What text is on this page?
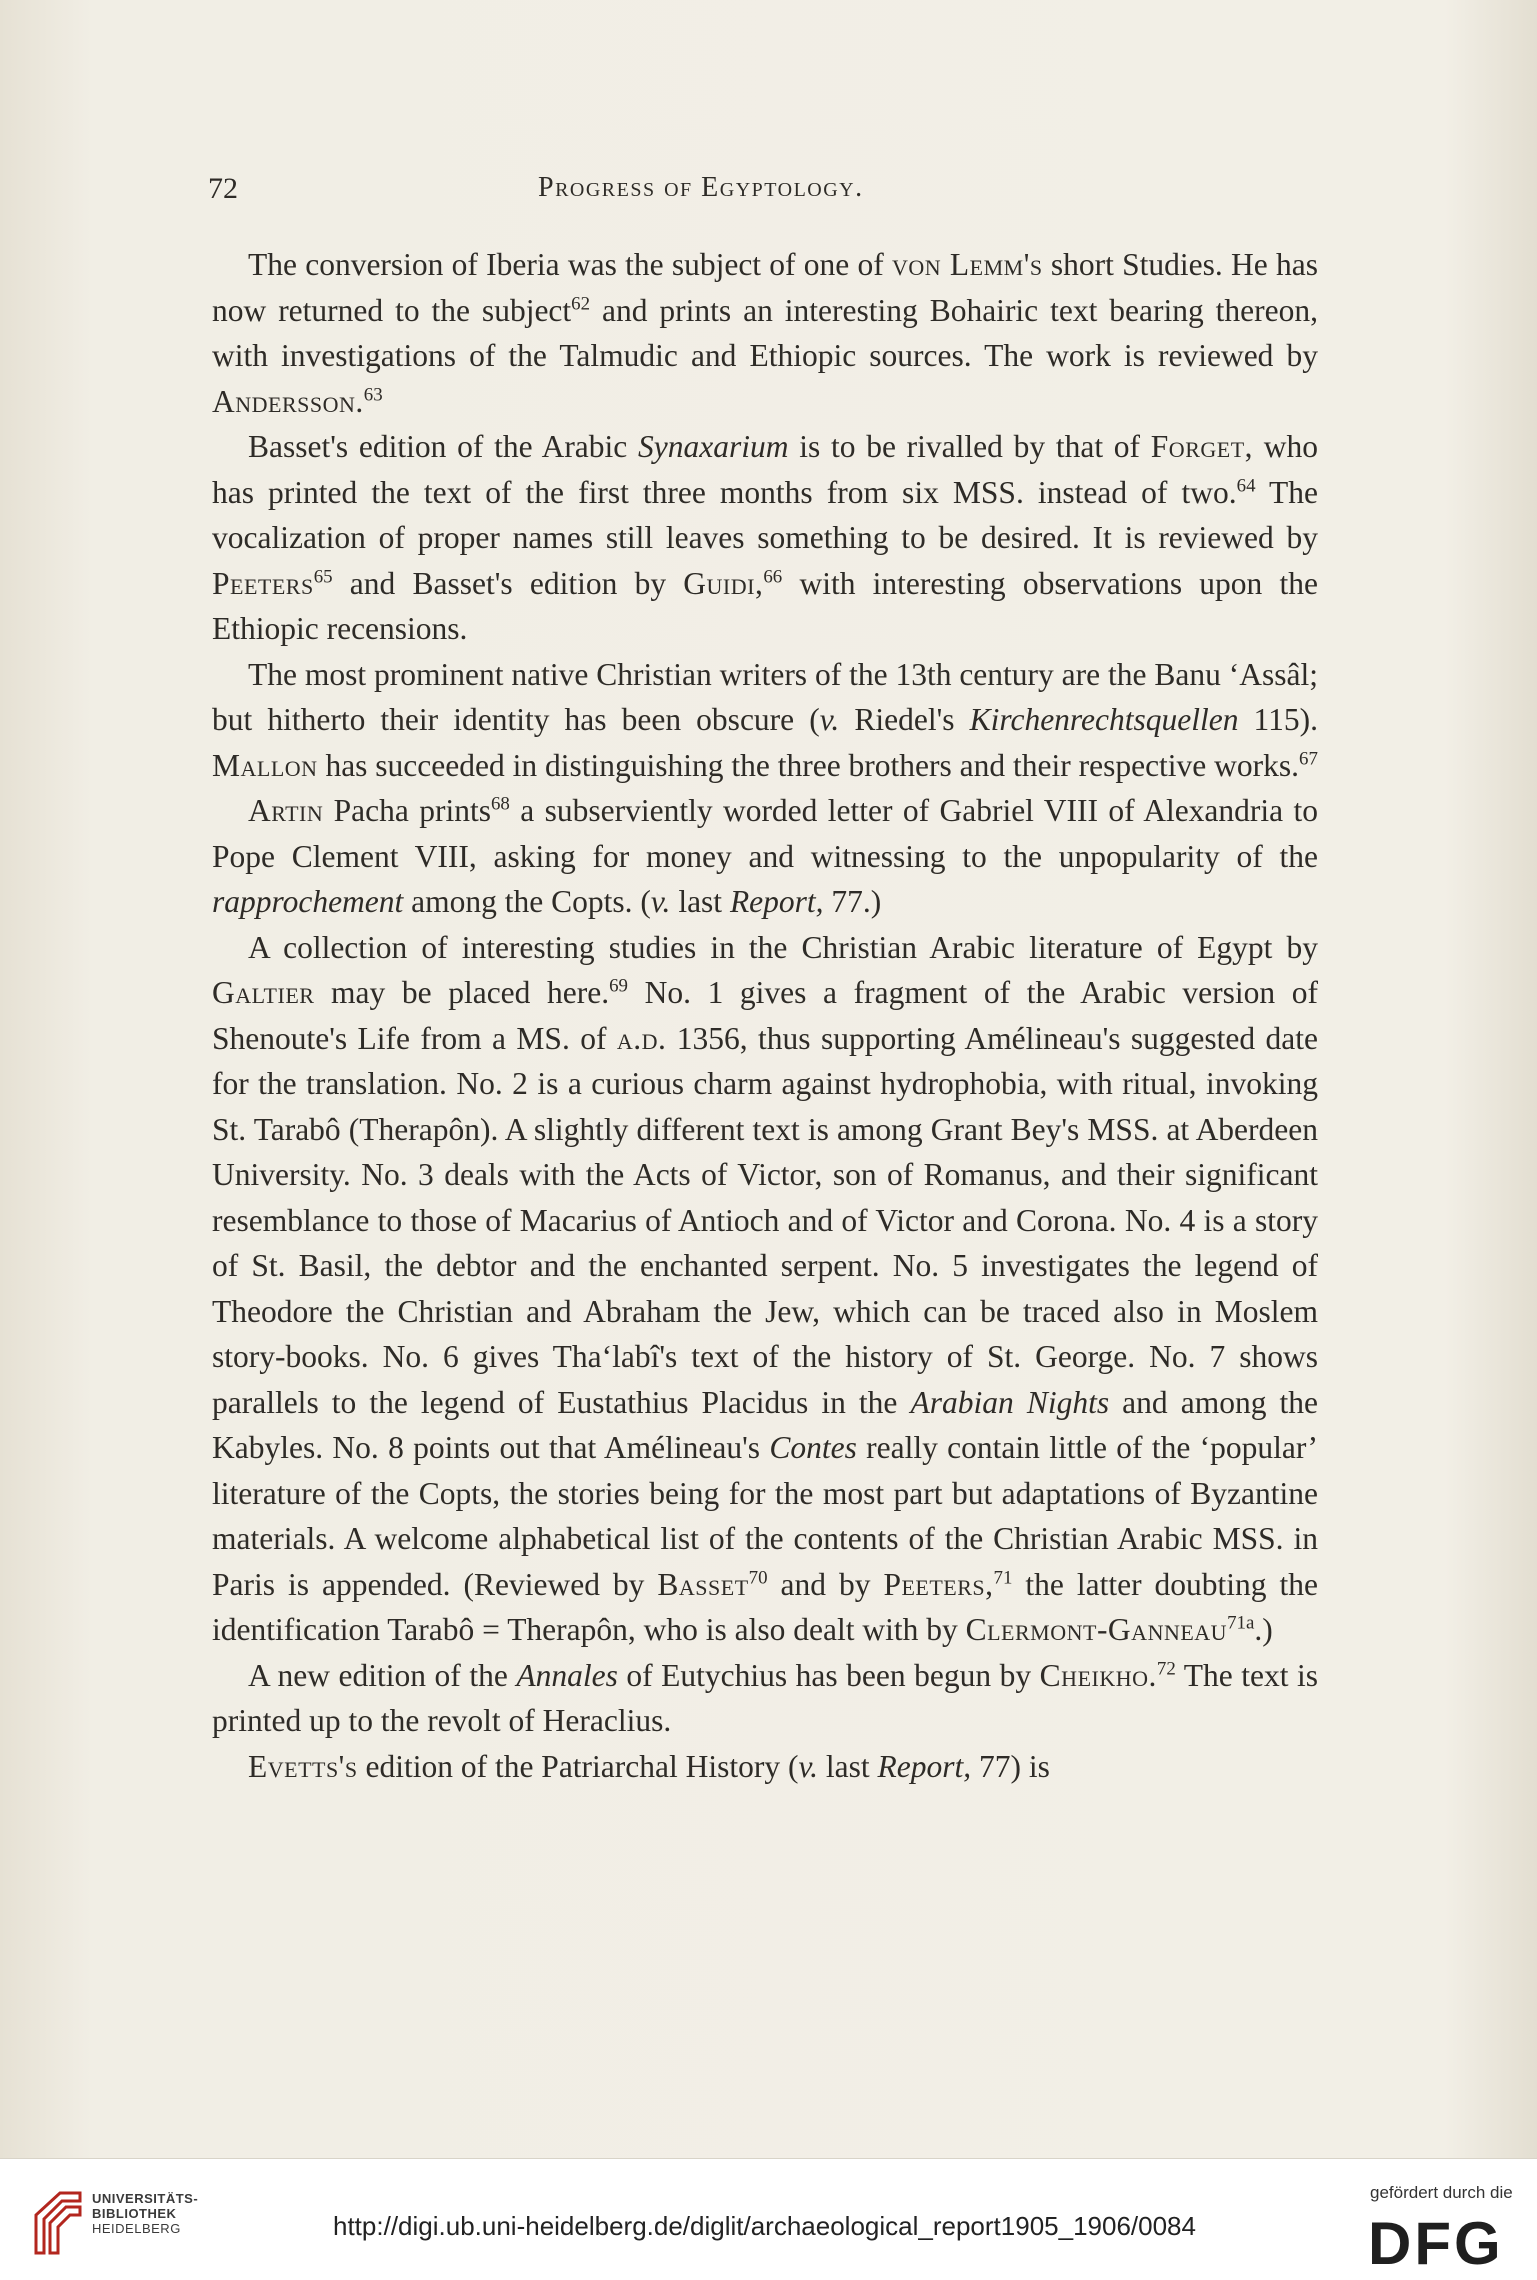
72	Progress of Egyptology.

The conversion of Iberia was the subject of one of von Lemm's short Studies. He has now returned to the subject$^{62}$ and prints an interesting Bohairic text bearing thereon, with investigations of the Talmudic and Ethiopic sources. The work is reviewed by Andersson.$^{63}$

Basset's edition of the Arabic Synaxarium is to be rivalled by that of Forget, who has printed the text of the first three months from six MSS. instead of two.$^{64}$ The vocalization of proper names still leaves something to be desired. It is reviewed by Peeters$^{65}$ and Basset's edition by Guidi,$^{66}$ with interesting observations upon the Ethiopic recensions.

The most prominent native Christian writers of the 13th century are the Banu ‘Assâl; but hitherto their identity has been obscure (v. Riedel's Kirchenrechtsquellen 115). Mallon has succeeded in distinguishing the three brothers and their respective works.$^{67}$

Artin Pacha prints$^{68}$ a subserviently worded letter of Gabriel VIII of Alexandria to Pope Clement VIII, asking for money and witnessing to the unpopularity of the rapprochement among the Copts. (v. last Report, 77.)

A collection of interesting studies in the Christian Arabic literature of Egypt by Galtier may be placed here.$^{69}$ No. 1 gives a fragment of the Arabic version of Shenoute's Life from a MS. of a.d. 1356, thus supporting Amélineau's suggested date for the translation. No. 2 is a curious charm against hydrophobia, with ritual, invoking St. Tarabô (Therapôn). A slightly different text is among Grant Bey's MSS. at Aberdeen University. No. 3 deals with the Acts of Victor, son of Romanus, and their significant resemblance to those of Macarius of Antioch and of Victor and Corona. No. 4 is a story of St. Basil, the debtor and the enchanted serpent. No. 5 investigates the legend of Theodore the Christian and Abraham the Jew, which can be traced also in Moslem story-books. No. 6 gives Tha‘labî's text of the history of St. George. No. 7 shows parallels to the legend of Eustathius Placidus in the Arabian Nights and among the Kabyles. No. 8 points out that Amélineau's Contes really contain little of the ‘popular’ literature of the Copts, the stories being for the most part but adaptations of Byzantine materials. A welcome alphabetical list of the contents of the Christian Arabic MSS. in Paris is appended. (Reviewed by Basset$^{70}$ and by Peeters,$^{71}$ the latter doubting the identification Tarabô = Therapôn, who is also dealt with by Clermont-Ganneau$^{71a}$.)

A new edition of the Annales of Eutychius has been begun by Cheikho.$^{72}$ The text is printed up to the revolt of Heraclius.

Evetts's edition of the Patriarchal History (v. last Report, 77) is

UNIVERSITÄTS-
BIBLIOTHEK
HEIDELBERG	http://digi.ub.uni-heidelberg.de/diglit/archaeological_report1905_1906/0084
gefördert durch die
DFG
